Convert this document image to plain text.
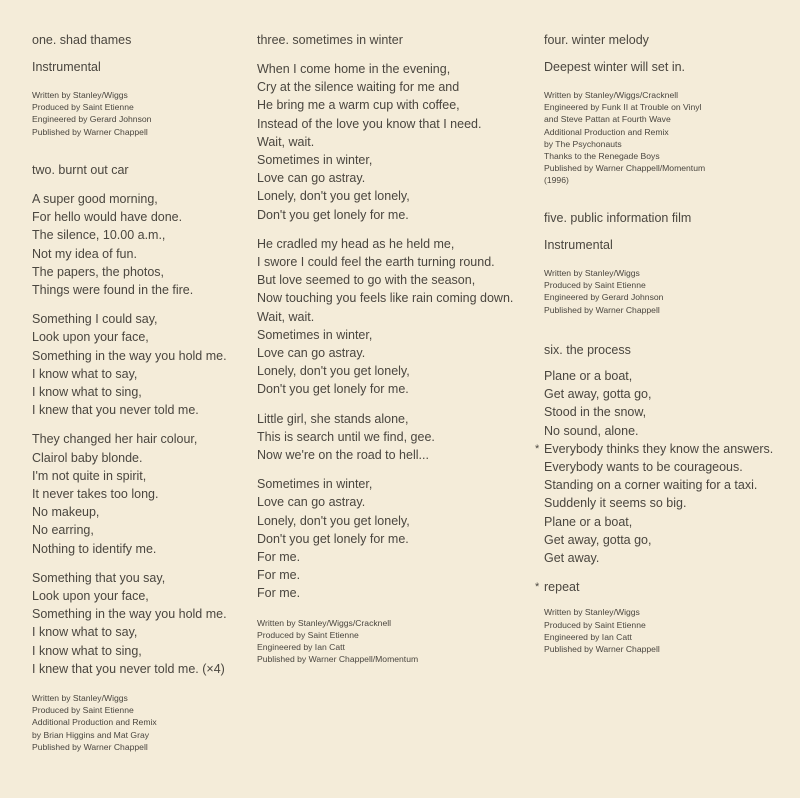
one. shad thames
Instrumental
Written by Stanley/Wiggs
Produced by Saint Etienne
Engineered by Gerard Johnson
Published by Warner Chappell
two. burnt out car
A super good morning,
For hello would have done.
The silence, 10.00 a.m.,
Not my idea of fun.
The papers, the photos,
Things were found in the fire.
Something I could say,
Look upon your face,
Something in the way you hold me.
I know what to say,
I know what to sing,
I knew that you never told me.
They changed her hair colour,
Clairol baby blonde.
I'm not quite in spirit,
It never takes too long.
No makeup,
No earring,
Nothing to identify me.
Something that you say,
Look upon your face,
Something in the way you hold me.
I know what to say,
I know what to sing,
I knew that you never told me. (×4)
Written by Stanley/Wiggs
Produced by Saint Etienne
Additional Production and Remix
by Brian Higgins and Mat Gray
Published by Warner Chappell
three. sometimes in winter
When I come home in the evening,
Cry at the silence waiting for me and
He bring me a warm cup with coffee,
Instead of the love you know that I need.
Wait, wait.
Sometimes in winter,
Love can go astray.
Lonely, don't you get lonely,
Don't you get lonely for me.
He cradled my head as he held me,
I swore I could feel the earth turning round.
But love seemed to go with the season,
Now touching you feels like rain coming down.
Wait, wait.
Sometimes in winter,
Love can go astray.
Lonely, don't you get lonely,
Don't you get lonely for me.
Little girl, she stands alone,
This is search until we find, gee.
Now we're on the road to hell...
Sometimes in winter,
Love can go astray.
Lonely, don't you get lonely,
Don't you get lonely for me.
For me.
For me.
For me.
Written by Stanley/Wiggs/Cracknell
Produced by Saint Etienne
Engineered by Ian Catt
Published by Warner Chappell/Momentum
four. winter melody
Deepest winter will set in.
Written by Stanley/Wiggs/Cracknell
Engineered by Funk II at Trouble on Vinyl
and Steve Pattan at Fourth Wave
Additional Production and Remix
by The Psychonauts
Thanks to the Renegade Boys
Published by Warner Chappell/Momentum
(1996)
five. public information film
Instrumental
Written by Stanley/Wiggs
Produced by Saint Etienne
Engineered by Gerard Johnson
Published by Warner Chappell
six. the process
Plane or a boat,
Get away, gotta go,
Stood in the snow,
No sound, alone.
* Everybody thinks they know the answers.
Everybody wants to be courageous.
Standing on a corner waiting for a taxi.
Suddenly it seems so big.
Plane or a boat,
Get away, gotta go,
Get away.
* repeat
Written by Stanley/Wiggs
Produced by Saint Etienne
Engineered by Ian Catt
Published by Warner Chappell
